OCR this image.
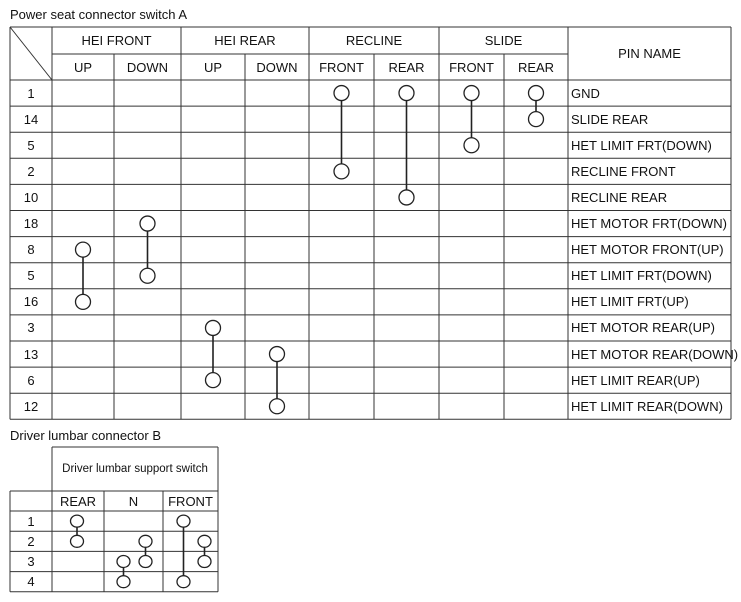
Power seat connector switch A
Driver lumbar connector B
HEI FRONT	HEI REAR	RECLINE	SLIDE
PIN NAME
UP	DOWN	UP	DOWN	FRONT	REAR	FRONT	REAR
1	GND
14	SLIDE REAR
5	HET LIMIT FRT(DOWN)
2	RECLINE FRONT
10	RECLINE REAR
18	HET MOTOR FRT(DOWN)
8	HET MOTOR FRONT(UP)
5	HET LIMIT FRT(DOWN)
16	HET LIMIT FRT(UP)
3	HET MOTOR REAR(UP)
13	HET MOTOR REAR(DOWN)
6	HET LIMIT REAR(UP)
12	HET LIMIT REAR(DOWN)
Driver lumbar support switch
REAR	N	FRONT
1
2
3
4
